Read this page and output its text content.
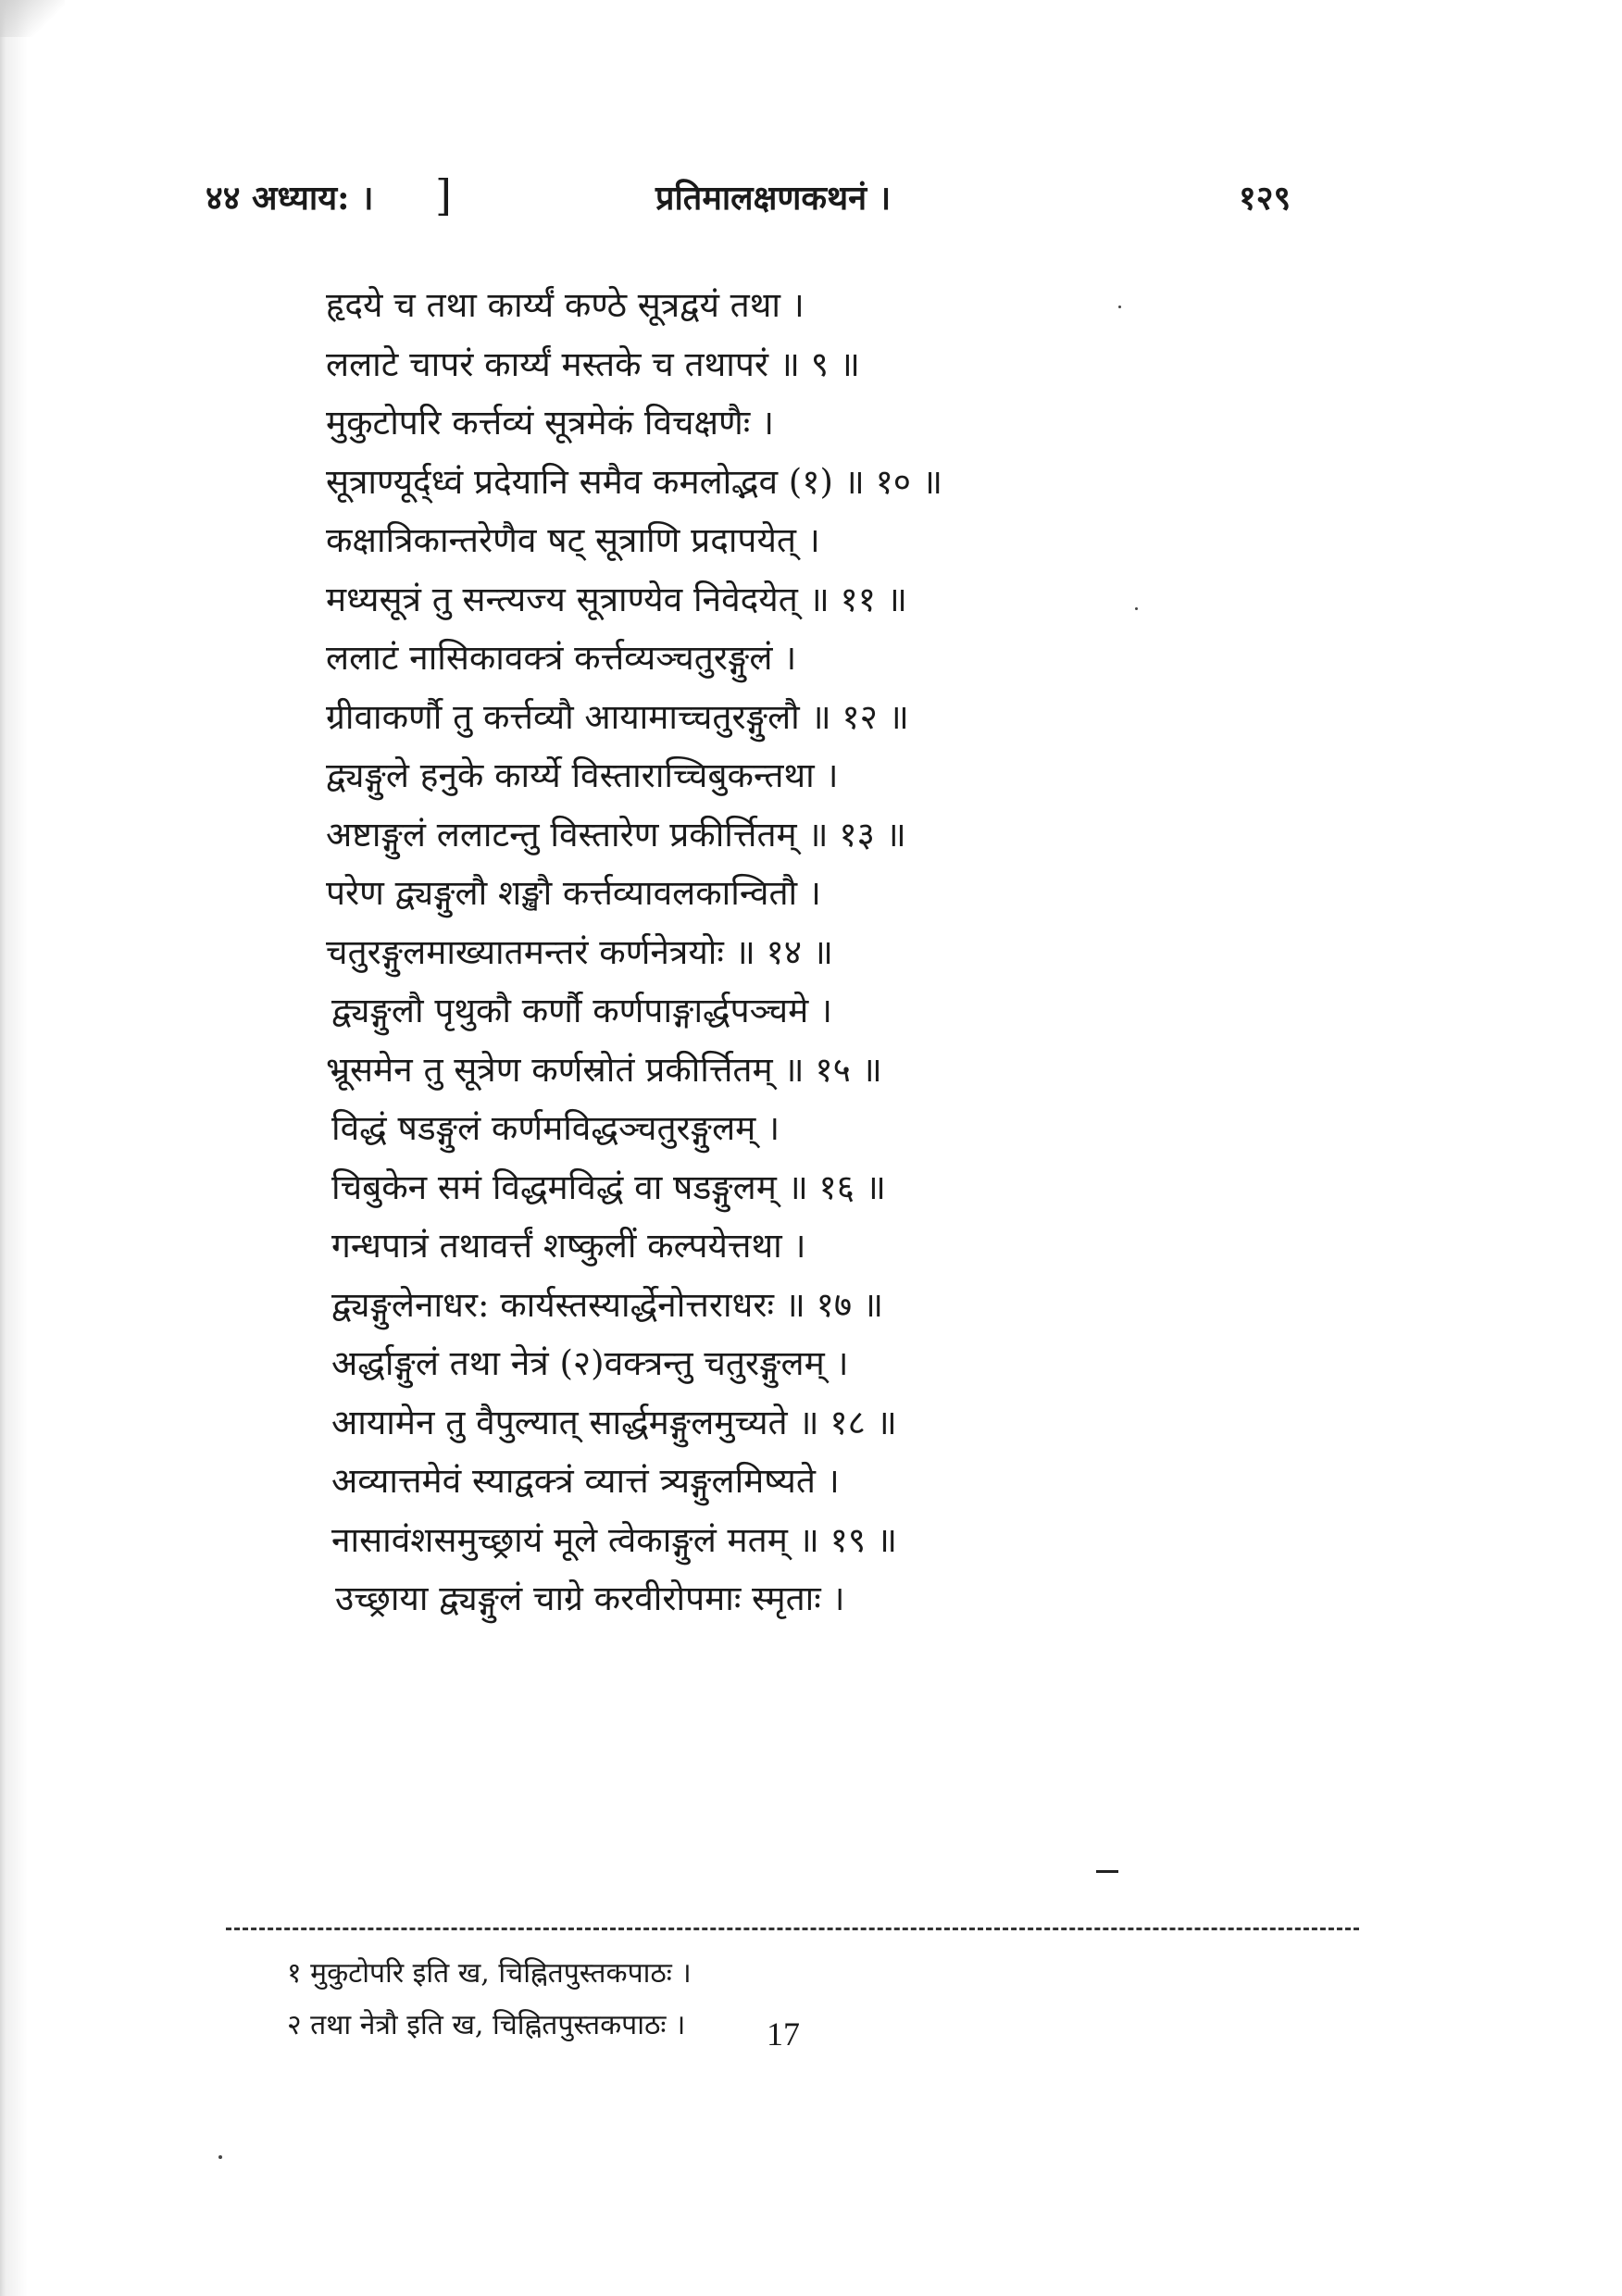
४४ अध्याय: । ]	प्रतिमालक्षणकथनं ।	१२९
हृदये च तथा कार्य्यं कण्ठे सूत्रद्वयं तथा ।
ललाटे चापरं कार्य्यं मस्तके च तथापरं ॥ ९ ॥
मुकुटोपरि कर्त्तव्यं सूत्रमेकं विचक्षणैः ।
सूत्राण्यूर्द्ध्वं प्रदेयानि समैव कमलोद्भव (१) ॥ १० ॥
कक्षात्रिकान्तरेणैव षट् सूत्राणि प्रदापयेत् ।
मध्यसूत्रं तु सन्त्यज्य सूत्राण्येव निवेदयेत् ॥ ११ ॥
ललाटं नासिकावक्त्रं कर्त्तव्यञ्चतुरङ्गुलं ।
ग्रीवाकर्णौ तु कर्त्तव्यौ आयामाच्चतुरङ्गुलौ ॥ १२ ॥
द्व्यङ्गुले हनुके कार्य्ये विस्ताराच्चिबुकन्तथा ।
अष्टाङ्गुलं ललाटन्तु विस्तारेण प्रकीर्त्तितम् ॥ १३ ॥
परेण द्व्यङ्गुलौ शङ्खौ कर्त्तव्यावलकान्वितौ ।
चतुरङ्गुलमाख्यातमन्तरं कर्णनेत्रयोः ॥ १४ ॥
द्व्यङ्गुलौ पृथुकौ कर्णौ कर्णपाङ्गार्द्धपञ्चमे ।
भ्रूसमेन तु सूत्रेण कर्णस्रोतं प्रकीर्त्तितम् ॥ १५ ॥
विद्धं षडङ्गुलं कर्णमविद्धञ्चतुरङ्गुलम् ।
चिबुकेन समं विद्धमविद्धं वा षडङ्गुलम् ॥ १६ ॥
गन्धपात्रं तथावर्त्तं शष्कुलीं कल्पयेत्तथा ।
द्व्यङ्गुलेनाधर: कार्यस्तस्यार्द्धेनोत्तराधरः ॥ १७ ॥
अर्द्धाङ्गुलं तथा नेत्रं (२)वक्त्रन्तु चतुरङ्गुलम् ।
आयामेन तु वैपुल्यात् सार्द्धमङ्गुलमुच्यते ॥ १८ ॥
अव्यात्तमेवं स्याद्वक्त्रं व्यात्तं त्र्यङ्गुलमिष्यते ।
नासावंशसमुच्छ्रायं मूले त्वेकाङ्गुलं मतम् ॥ १९ ॥
उच्छ्राया द्व्यङ्गुलं चाग्रे करवीरोपमाः स्मृताः ।
१ मुकुटोपरि इति ख, चिह्नितपुस्तकपाठः ।
२ तथा नेत्रौ इति ख, चिह्नितपुस्तकपाठः । 17
